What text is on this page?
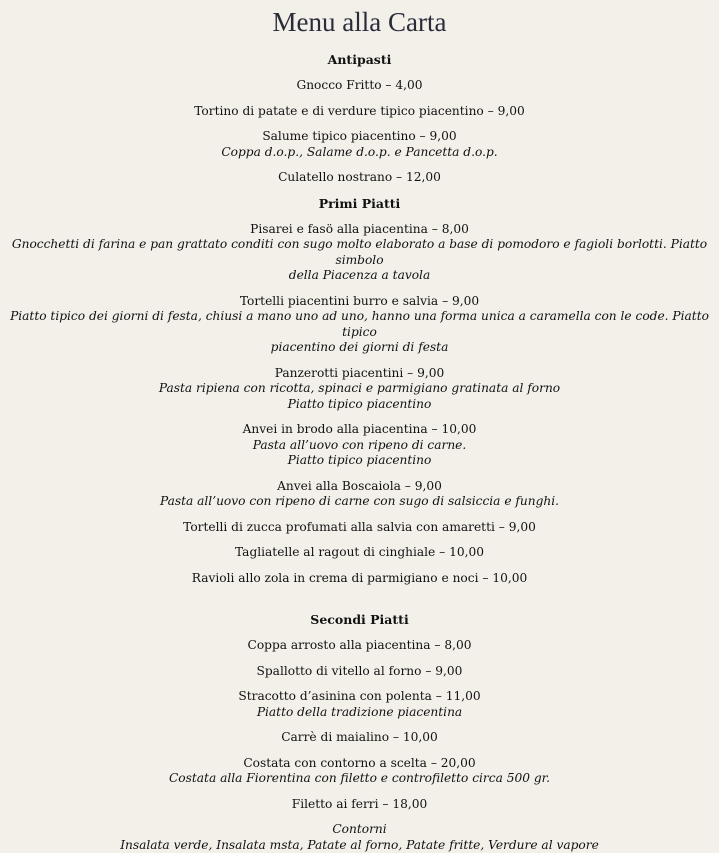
Menu alla Carta
Antipasti
Gnocco Fritto – 4,00
Tortino di patate e di verdure tipico piacentino – 9,00
Salume tipico piacentino – 9,00
Coppa d.o.p., Salame d.o.p. e Pancetta d.o.p.
Culatello nostrano – 12,00
Primi Piatti
Pisarei e fasö alla piacentina – 8,00
Gnocchetti di farina e pan grattato conditi con sugo molto elaborato a base di pomodoro e fagioli borlotti. Piatto simbolo
della Piacenza a tavola
Tortelli piacentini burro e salvia – 9,00
Piatto tipico dei giorni di festa, chiusi a mano uno ad uno, hanno una forma unica a caramella con le code. Piatto tipico
piacentino dei giorni di festa
Panzerotti piacentini – 9,00
Pasta ripiena con ricotta, spinaci e parmigiano gratinata al forno
Piatto tipico piacentino
Anvei in brodo alla piacentina – 10,00
Pasta all’uovo con ripeno di carne.
Piatto tipico piacentino
Anvei alla Boscaiola – 9,00
Pasta all’uovo con ripeno di carne con sugo di salsiccia e funghi.
Tortelli di zucca profumati alla salvia con amaretti – 9,00
Tagliatelle al ragout di cinghiale – 10,00
Ravioli allo zola in crema di parmigiano e noci – 10,00
Secondi Piatti
Coppa arrosto alla piacentina – 8,00
Spallotto di vitello al forno – 9,00
Stracotto d’asinina con polenta – 11,00
Piatto della tradizione piacentina
Carrè di maialino – 10,00
Costata con contorno a scelta – 20,00
Costata alla Fiorentina con filetto e controfiletto circa 500 gr.
Filetto ai ferri – 18,00
Contorni
Insalata verde, Insalata msta, Patate al forno, Patate fritte, Verdure al vapore
